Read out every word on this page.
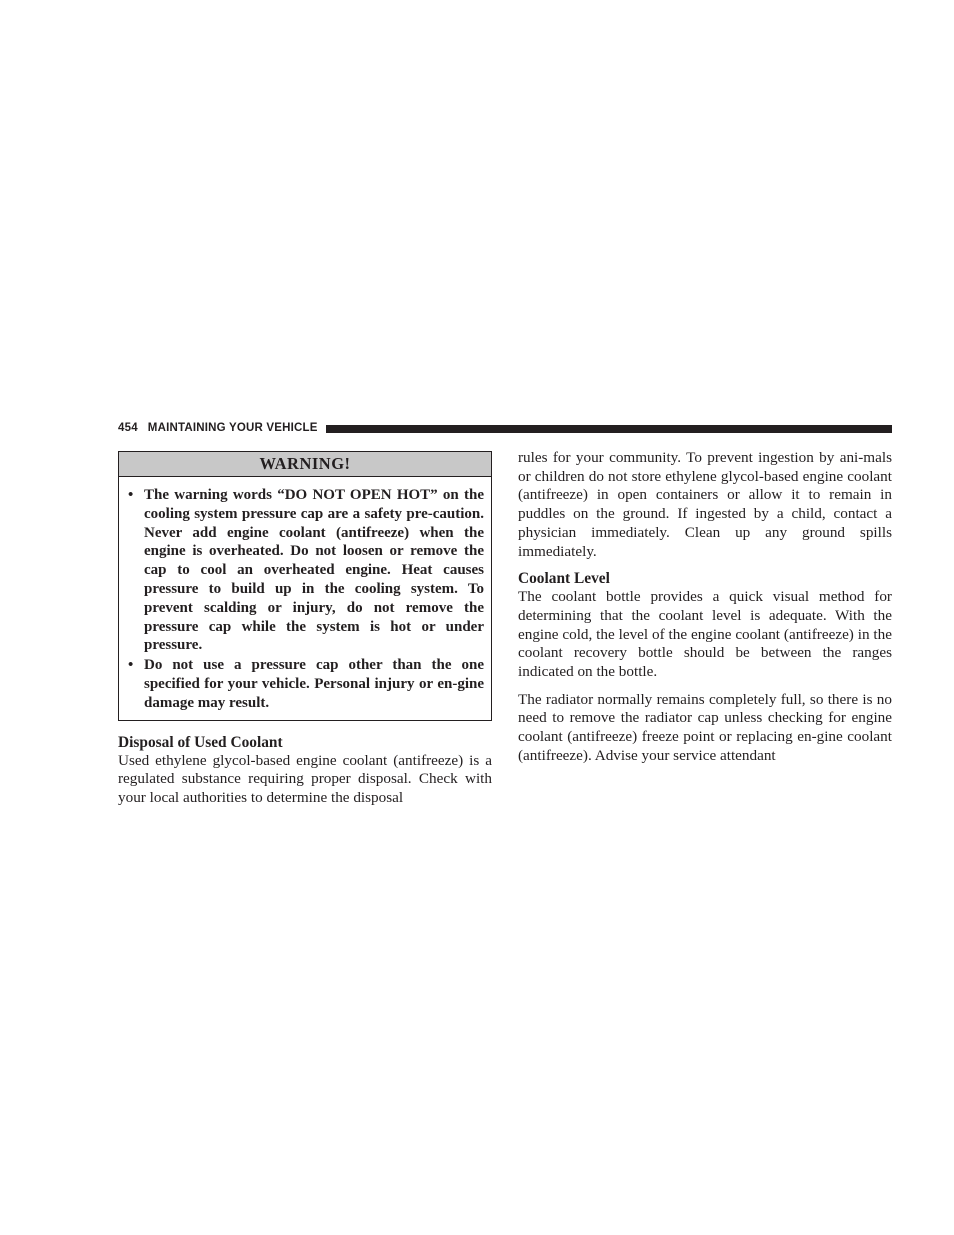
454 MAINTAINING YOUR VEHICLE
WARNING!
• The warning words “DO NOT OPEN HOT” on the cooling system pressure cap are a safety pre-caution. Never add engine coolant (antifreeze) when the engine is overheated. Do not loosen or remove the cap to cool an overheated engine. Heat causes pressure to build up in the cooling system. To prevent scalding or injury, do not remove the pressure cap while the system is hot or under pressure.
• Do not use a pressure cap other than the one specified for your vehicle. Personal injury or en-gine damage may result.
Disposal of Used Coolant

Used ethylene glycol-based engine coolant (antifreeze) is a regulated substance requiring proper disposal. Check with your local authorities to determine the disposal

rules for your community. To prevent ingestion by ani-mals or children do not store ethylene glycol-based engine coolant (antifreeze) in open containers or allow it to remain in puddles on the ground. If ingested by a child, contact a physician immediately. Clean up any ground spills immediately.

Coolant Level

The coolant bottle provides a quick visual method for determining that the coolant level is adequate. With the engine cold, the level of the engine coolant (antifreeze) in the coolant recovery bottle should be between the ranges indicated on the bottle.

The radiator normally remains completely full, so there is no need to remove the radiator cap unless checking for engine coolant (antifreeze) freeze point or replacing en-gine coolant (antifreeze). Advise your service attendant
